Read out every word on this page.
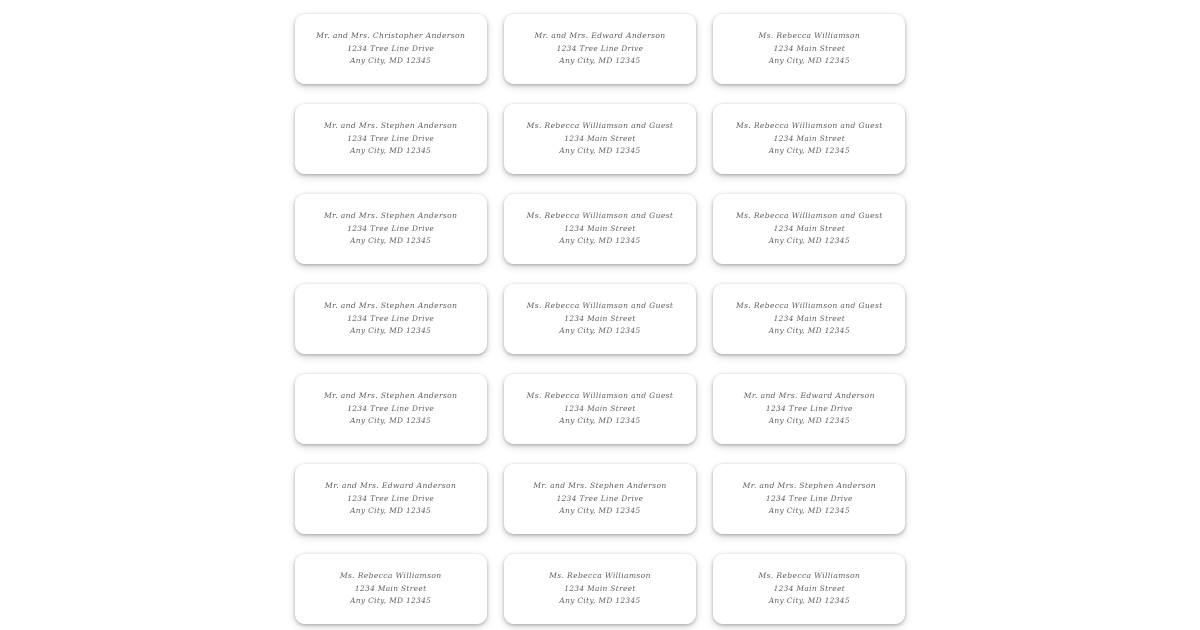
Mr. and Mrs. Christopher Anderson
1234 Tree Line Drive
Any City, MD 12345
Mr. and Mrs. Edward Anderson
1234 Tree Line Drive
Any City, MD 12345
Ms. Rebecca Williamson
1234 Main Street
Any City, MD 12345
Mr. and Mrs. Stephen Anderson
1234 Tree Line Drive
Any City, MD 12345
Ms. Rebecca Williamson and Guest
1234 Main Street
Any City, MD 12345
Ms. Rebecca Williamson and Guest
1234 Main Street
Any City, MD 12345
Mr. and Mrs. Stephen Anderson
1234 Tree Line Drive
Any City, MD 12345
Ms. Rebecca Williamson and Guest
1234 Main Street
Any City, MD 12345
Ms. Rebecca Williamson and Guest
1234 Main Street
Any City, MD 12345
Mr. and Mrs. Stephen Anderson
1234 Tree Line Drive
Any City, MD 12345
Ms. Rebecca Williamson and Guest
1234 Main Street
Any City, MD 12345
Ms. Rebecca Williamson and Guest
1234 Main Street
Any City, MD 12345
Mr. and Mrs. Stephen Anderson
1234 Tree Line Drive
Any City, MD 12345
Ms. Rebecca Williamson and Guest
1234 Main Street
Any City, MD 12345
Mr. and Mrs. Edward Anderson
1234 Tree Line Drive
Any City, MD 12345
Mr. and Mrs. Edward Anderson
1234 Tree Line Drive
Any City, MD 12345
Mr. and Mrs. Stephen Anderson
1234 Tree Line Drive
Any City, MD 12345
Mr. and Mrs. Stephen Anderson
1234 Tree Line Drive
Any City, MD 12345
Ms. Rebecca Williamson
1234 Main Street
Any City, MD 12345
Ms. Rebecca Williamson
1234 Main Street
Any City, MD 12345
Ms. Rebecca Williamson
1234 Main Street
Any City, MD 12345
